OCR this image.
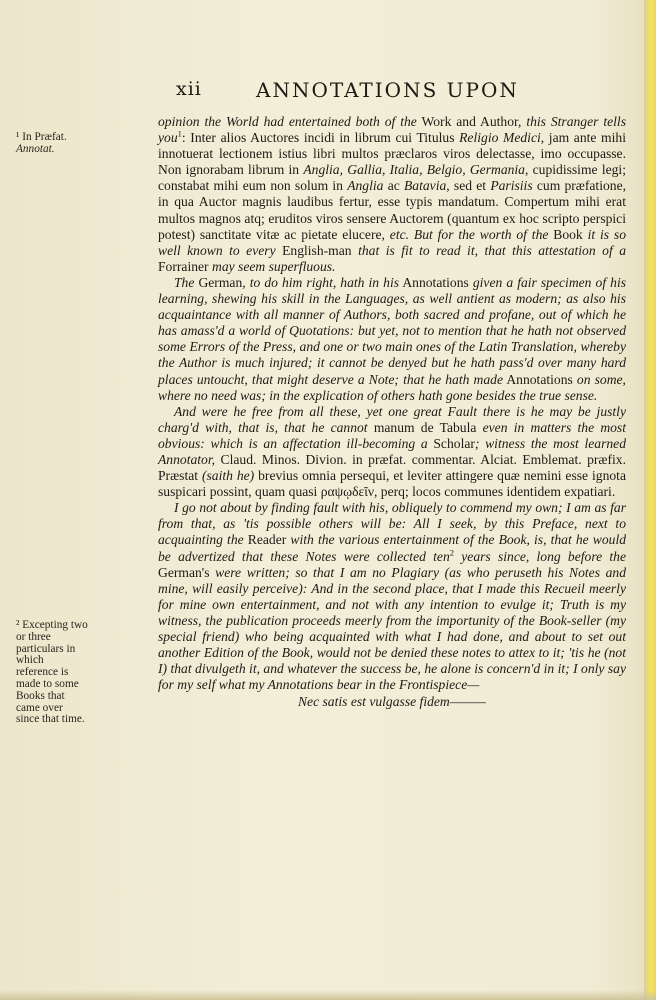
xii	ANNOTATIONS UPON
¹ In Præfat.
Annotat.
² Excepting two or three particulars in which reference is made to some Books that came over since that time.

opinion the World had entertained both of the Work and Author, this Stranger tells you$^1$: Inter alios Auctores incidi in librum cui Titulus Religio Medici, jam ante mihi innotuerat lectionem istius libri multos præclaros viros delectasse, imo occupasse. Non ignorabam librum in Anglia, Gallia, Italia, Belgio, Germania, cupidissime legi; constabat mihi eum non solum in Anglia ac Batavia, sed et Parisiis cum præfatione, in qua Auctor magnis laudibus fertur, esse typis mandatum. Compertum mihi erat multos magnos atq; eruditos viros sensere Auctorem (quantum ex hoc scripto perspici potest) sanctitate vitæ ac pietate elucere, etc. But for the worth of the Book it is so well known to every English-man that is fit to read it, that this attestation of a Forrainer may seem superfluous.

The German, to do him right, hath in his Annotations given a fair specimen of his learning, shewing his skill in the Languages, as well antient as modern; as also his acquaintance with all manner of Authors, both sacred and profane, out of which he has amass'd a world of Quotations: but yet, not to mention that he hath not observed some Errors of the Press, and one or two main ones of the Latin Translation, whereby the Author is much injured; it cannot be denyed but he hath pass'd over many hard places untoucht, that might deserve a Note; that he hath made Annotations on some, where no need was; in the explication of others hath gone besides the true sense.

And were he free from all these, yet one great Fault there is he may be justly charg'd with, that is, that he cannot manum de Tabula even in matters the most obvious: which is an affectation ill-becoming a Scholar; witness the most learned Annotator, Claud. Minos. Divion. in præfat. commentar. Alciat. Emblemat. præfix. Præstat (saith he) brevius omnia persequi, et leviter attingere quæ nemini esse ignota suspicari possint, quam quasi ραψῳδεῖν, perq; locos communes identidem expatiari.

I go not about by finding fault with his, obliquely to commend my own; I am as far from that, as 'tis possible others will be: All I seek, by this Preface, next to acquainting the Reader with the various entertainment of the Book, is, that he would be advertized that these Notes were collected ten$^2$ years since, long before the German's were written; so that I am no Plagiary (as who peruseth his Notes and mine, will easily perceive): And in the second place, that I made this Recueil meerly for mine own entertainment, and not with any intention to evulge it; Truth is my witness, the publication proceeds meerly from the importunity of the Book-seller (my special friend) who being acquainted with what I had done, and about to set out another Edition of the Book, would not be denied these notes to attex to it; 'tis he (not I) that divulgeth it, and whatever the success be, he alone is concern'd in it; I only say for my self what my Annotations bear in the Frontispiece—

Nec satis est vulgasse fidem———
